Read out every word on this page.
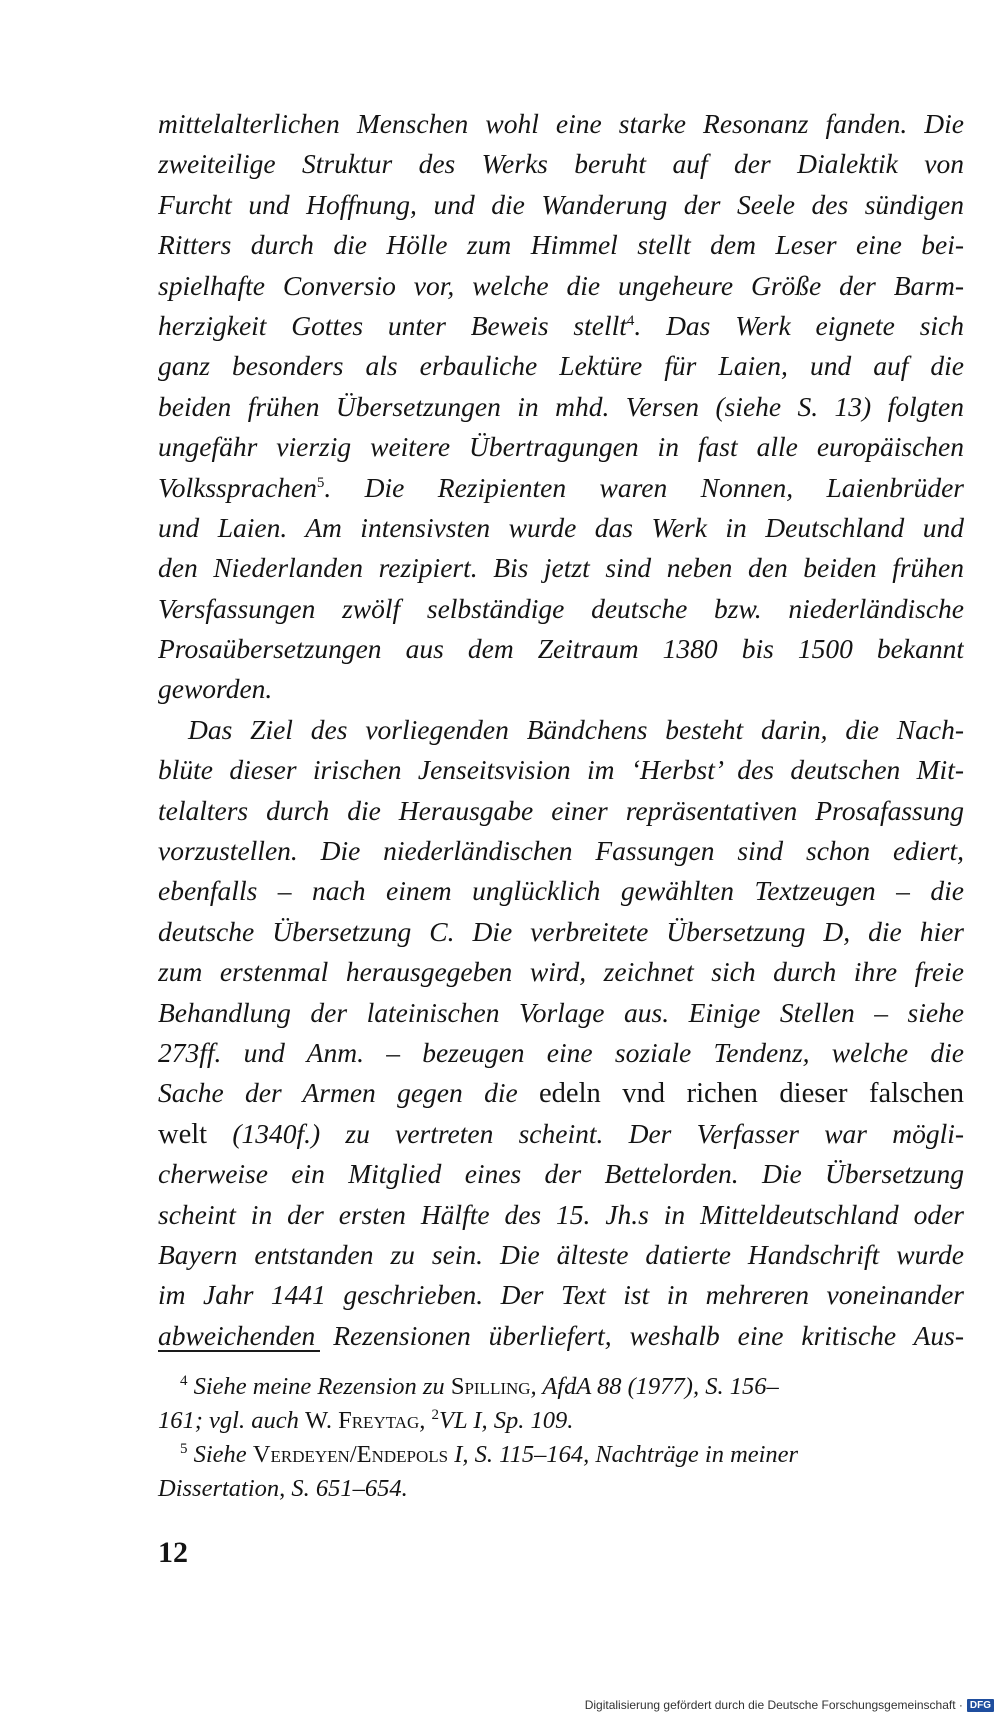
mittelalterlichen Menschen wohl eine starke Resonanz fanden. Die
zweiteilige Struktur des Werks beruht auf der Dialektik von
Furcht und Hoffnung, und die Wanderung der Seele des sündigen
Ritters durch die Hölle zum Himmel stellt dem Leser eine bei-
spielhafte Conversio vor, welche die ungeheure Größe der Barm-
herzigkeit Gottes unter Beweis stellt$^4$. Das Werk eignete sich
ganz besonders als erbauliche Lektüre für Laien, und auf die
beiden frühen Übersetzungen in mhd. Versen (siehe S. 13) folgten
ungefähr vierzig weitere Übertragungen in fast alle europäischen
Volkssprachen$^5$. Die Rezipienten waren Nonnen, Laienbrüder
und Laien. Am intensivsten wurde das Werk in Deutschland und
den Niederlanden rezipiert. Bis jetzt sind neben den beiden frühen
Versfassungen zwölf selbständige deutsche bzw. niederländische
Prosaübersetzungen aus dem Zeitraum 1380 bis 1500 bekannt
geworden.
Das Ziel des vorliegenden Bändchens besteht darin, die Nach-
blüte dieser irischen Jenseitsvision im ‘Herbst’ des deutschen Mit-
telalters durch die Herausgabe einer repräsentativen Prosafassung
vorzustellen. Die niederländischen Fassungen sind schon ediert,
ebenfalls – nach einem unglücklich gewählten Textzeugen – die
deutsche Übersetzung C. Die verbreitete Übersetzung D, die hier
zum erstenmal herausgegeben wird, zeichnet sich durch ihre freie
Behandlung der lateinischen Vorlage aus. Einige Stellen – siehe
273ff. und Anm. – bezeugen eine soziale Tendenz, welche die
Sache der Armen gegen die edeln vnd richen dieser falschen
welt (1340f.) zu vertreten scheint. Der Verfasser war mögli-
cherweise ein Mitglied eines der Bettelorden. Die Übersetzung
scheint in der ersten Hälfte des 15. Jh.s in Mitteldeutschland oder
Bayern entstanden zu sein. Die älteste datierte Handschrift wurde
im Jahr 1441 geschrieben. Der Text ist in mehreren voneinander
abweichenden Rezensionen überliefert, weshalb eine kritische Aus-
$^4$ Siehe meine Rezension zu Spilling, AfdA 88 (1977), S. 156–
161; vgl. auch W. Freytag, $^2$VL I, Sp. 109.
$^5$ Siehe Verdeyen/Endepols I, S. 115–164, Nachträge in meiner
Dissertation, S. 651–654.
12
Digitalisierung gefördert durch die Deutsche Forschungsgemeinschaft · DFG
